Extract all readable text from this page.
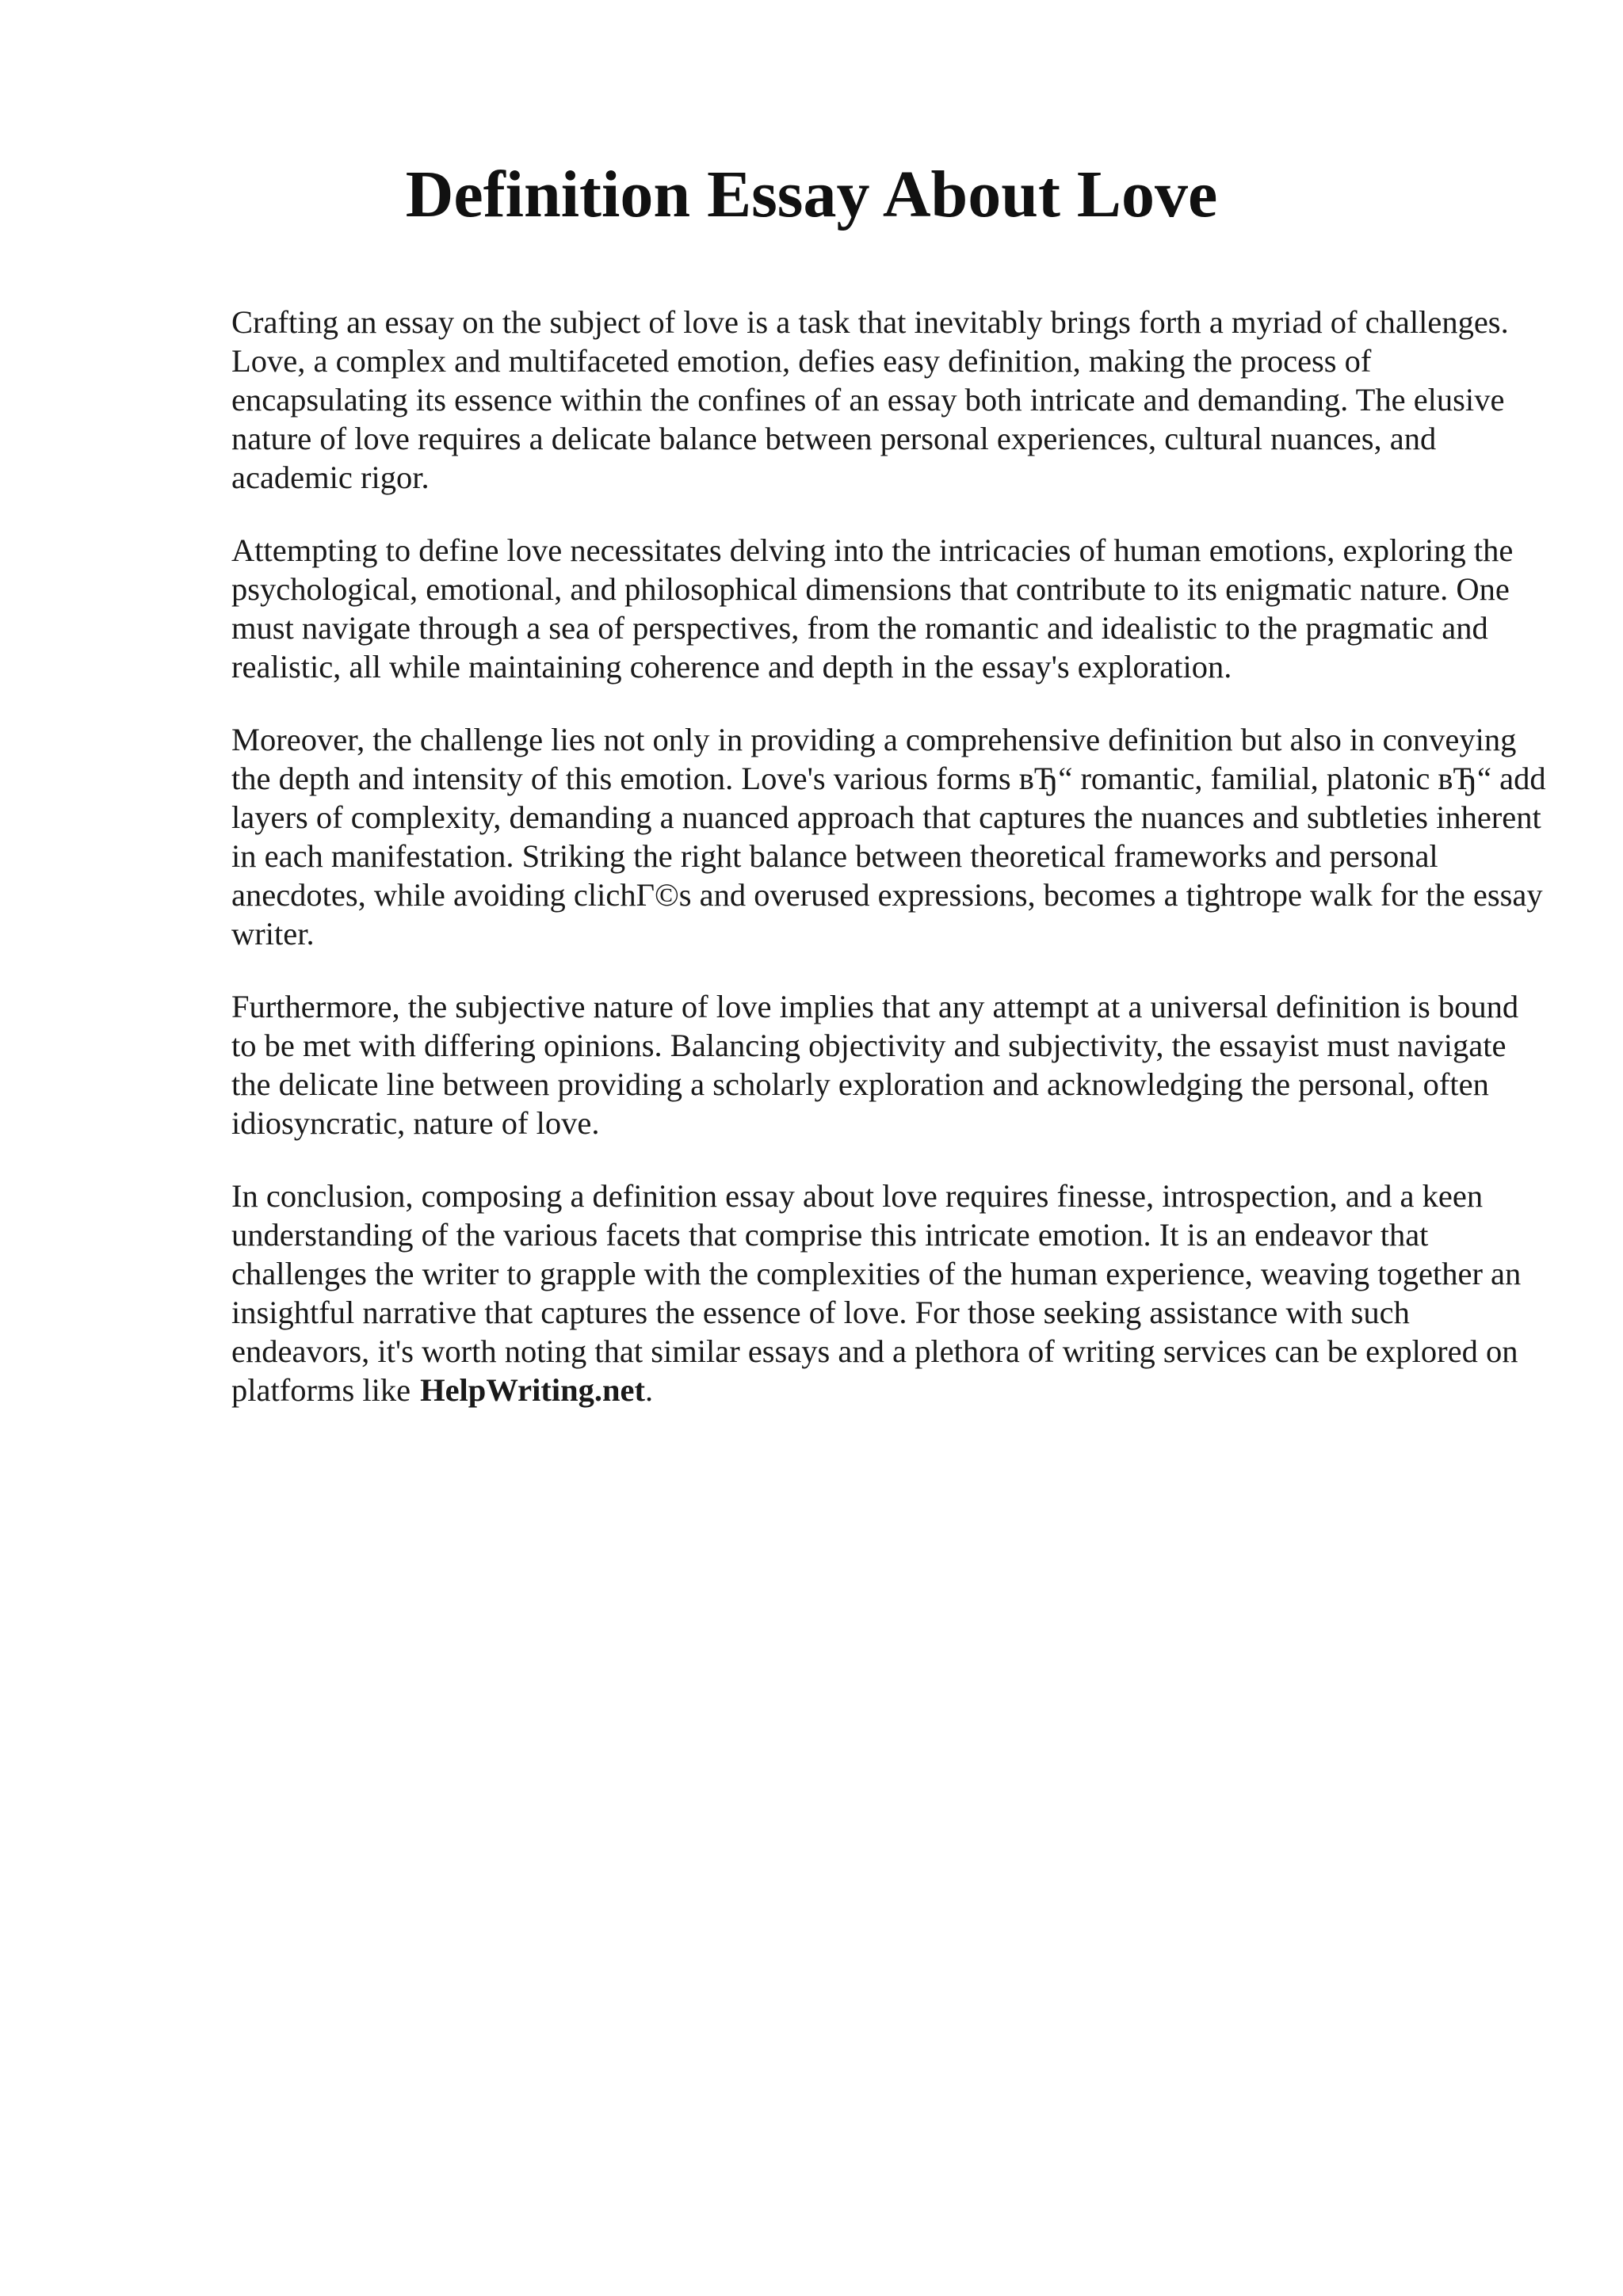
Definition Essay About Love

Crafting an essay on the subject of love is a task that inevitably brings forth a myriad of challenges. Love, a complex and multifaceted emotion, defies easy definition, making the process of encapsulating its essence within the confines of an essay both intricate and demanding. The elusive nature of love requires a delicate balance between personal experiences, cultural nuances, and academic rigor.

Attempting to define love necessitates delving into the intricacies of human emotions, exploring the psychological, emotional, and philosophical dimensions that contribute to its enigmatic nature. One must navigate through a sea of perspectives, from the romantic and idealistic to the pragmatic and realistic, all while maintaining coherence and depth in the essay's exploration.

Moreover, the challenge lies not only in providing a comprehensive definition but also in conveying the depth and intensity of this emotion. Love's various forms вЂ“ romantic, familial, platonic вЂ“ add layers of complexity, demanding a nuanced approach that captures the nuances and subtleties inherent in each manifestation. Striking the right balance between theoretical frameworks and personal anecdotes, while avoiding clichГ©s and overused expressions, becomes a tightrope walk for the essay writer.

Furthermore, the subjective nature of love implies that any attempt at a universal definition is bound to be met with differing opinions. Balancing objectivity and subjectivity, the essayist must navigate the delicate line between providing a scholarly exploration and acknowledging the personal, often idiosyncratic, nature of love.

In conclusion, composing a definition essay about love requires finesse, introspection, and a keen understanding of the various facets that comprise this intricate emotion. It is an endeavor that challenges the writer to grapple with the complexities of the human experience, weaving together an insightful narrative that captures the essence of love. For those seeking assistance with such endeavors, it's worth noting that similar essays and a plethora of writing services can be explored on platforms like HelpWriting.net.
